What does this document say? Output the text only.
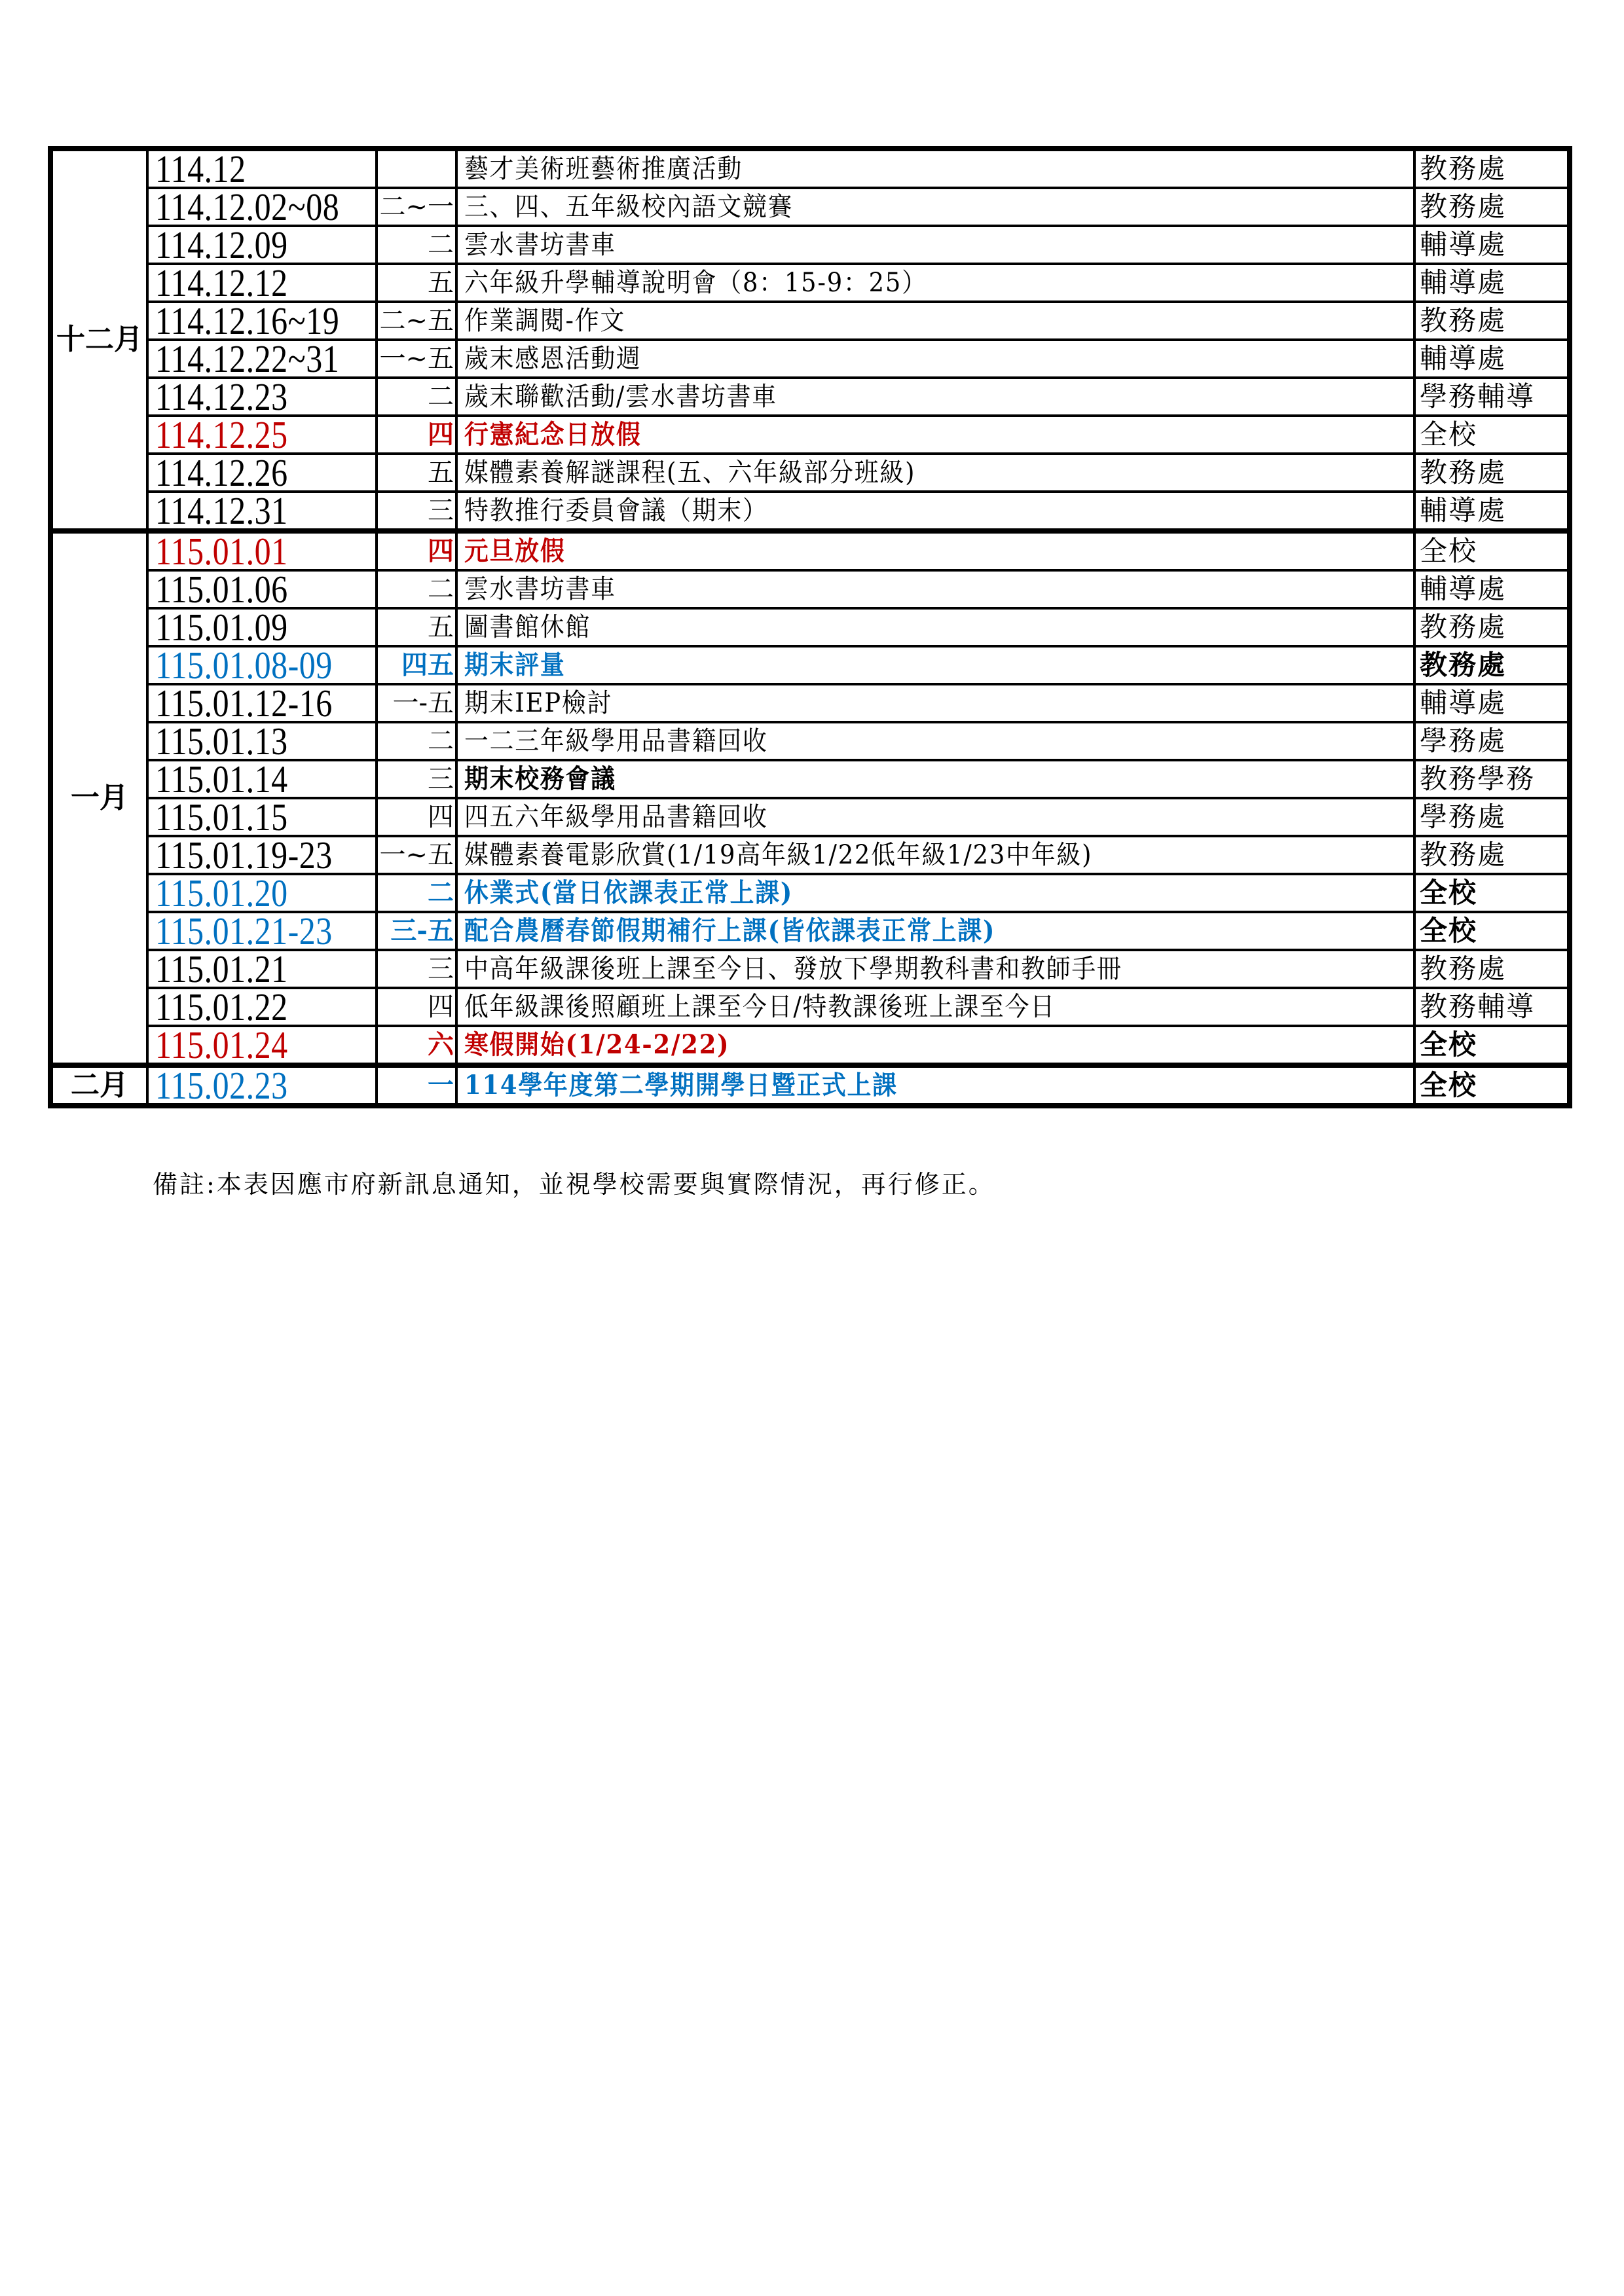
十二月	114.12		藝才美術班藝術推廣活動	教務處
	114.12.02~08	二~一	三、四、五年級校內語文競賽	教務處
	114.12.09	二	雲水書坊書車	輔導處
	114.12.12	五	六年級升學輔導說明會（8：15-9：25）	輔導處
	114.12.16~19	二~五	作業調閱-作文	教務處
	114.12.22~31	一~五	歲末感恩活動週	輔導處
	114.12.23	二	歲末聯歡活動/雲水書坊書車	學務輔導
	114.12.25	四	行憲紀念日放假	全校
	114.12.26	五	媒體素養解謎課程(五、六年級部分班級)	教務處
	114.12.31	三	特教推行委員會議（期末）	輔導處
一月	115.01.01	四	元旦放假	全校
	115.01.06	二	雲水書坊書車	輔導處
	115.01.09	五	圖書館休館	教務處
	115.01.08-09	四五	期末評量	教務處
	115.01.12-16	一-五	期末IEP檢討	輔導處
	115.01.13	二	一二三年級學用品書籍回收	學務處
	115.01.14	三	期末校務會議	教務學務
	115.01.15	四	四五六年級學用品書籍回收	學務處
	115.01.19-23	一~五	媒體素養電影欣賞(1/19高年級1/22低年級1/23中年級)	教務處
	115.01.20	二	休業式(當日依課表正常上課)	全校
	115.01.21-23	三-五	配合農曆春節假期補行上課(皆依課表正常上課)	全校
	115.01.21	三	中高年級課後班上課至今日、發放下學期教科書和教師手冊	教務處
	115.01.22	四	低年級課後照顧班上課至今日/特教課後班上課至今日	教務輔導
	115.01.24	六	寒假開始(1/24-2/22)	全校
二月	115.02.23	一	114學年度第二學期開學日暨正式上課	全校
備註:本表因應市府新訊息通知，並視學校需要與實際情況，再行修正。
